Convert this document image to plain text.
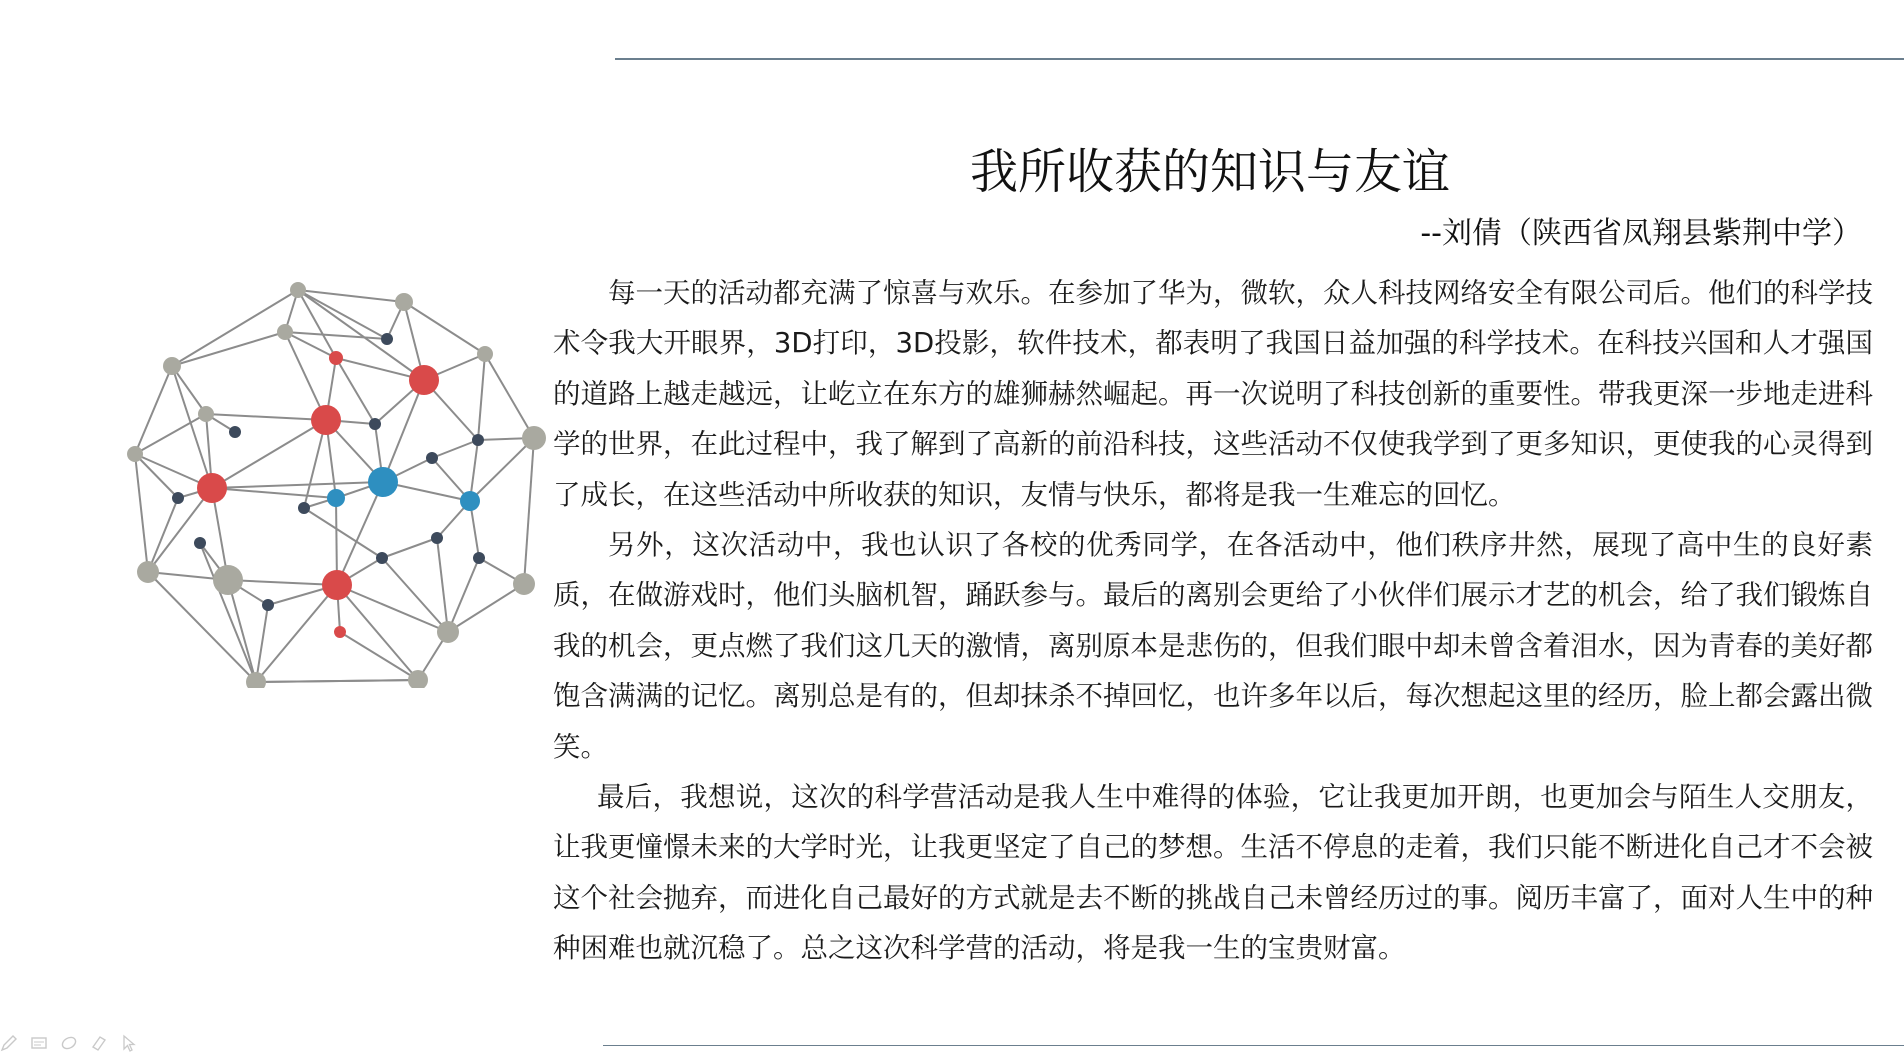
我所收获的知识与友谊
--刘倩（陕西省凤翔县紫荆中学）

每一天的活动都充满了惊喜与欢乐。在参加了华为，微软，众人科技网络安全有限公司后。他们的科学技术令我大开眼界，3D打印，3D投影，软件技术，都表明了我国日益加强的科学技术。在科技兴国和人才强国的道路上越走越远，让屹立在东方的雄狮赫然崛起。再一次说明了科技创新的重要性。带我更深一步地走进科学的世界，在此过程中，我了解到了高新的前沿科技，这些活动不仅使我学到了更多知识，更使我的心灵得到了成长，在这些活动中所收获的知识，友情与快乐，都将是我一生难忘的回忆。

另外，这次活动中，我也认识了各校的优秀同学，在各活动中，他们秩序井然，展现了高中生的良好素质，在做游戏时，他们头脑机智，踊跃参与。最后的离别会更给了小伙伴们展示才艺的机会，给了我们锻炼自我的机会，更点燃了我们这几天的激情，离别原本是悲伤的，但我们眼中却未曾含着泪水，因为青春的美好都饱含满满的记忆。离别总是有的，但却抹杀不掉回忆，也许多年以后，每次想起这里的经历，脸上都会露出微笑。

最后，我想说，这次的科学营活动是我人生中难得的体验，它让我更加开朗，也更加会与陌生人交朋友，让我更憧憬未来的大学时光，让我更坚定了自己的梦想。生活不停息的走着，我们只能不断进化自己才不会被这个社会抛弃，而进化自己最好的方式就是去不断的挑战自己未曾经历过的事。阅历丰富了，面对人生中的种种困难也就沉稳了。总之这次科学营的活动，将是我一生的宝贵财富。
